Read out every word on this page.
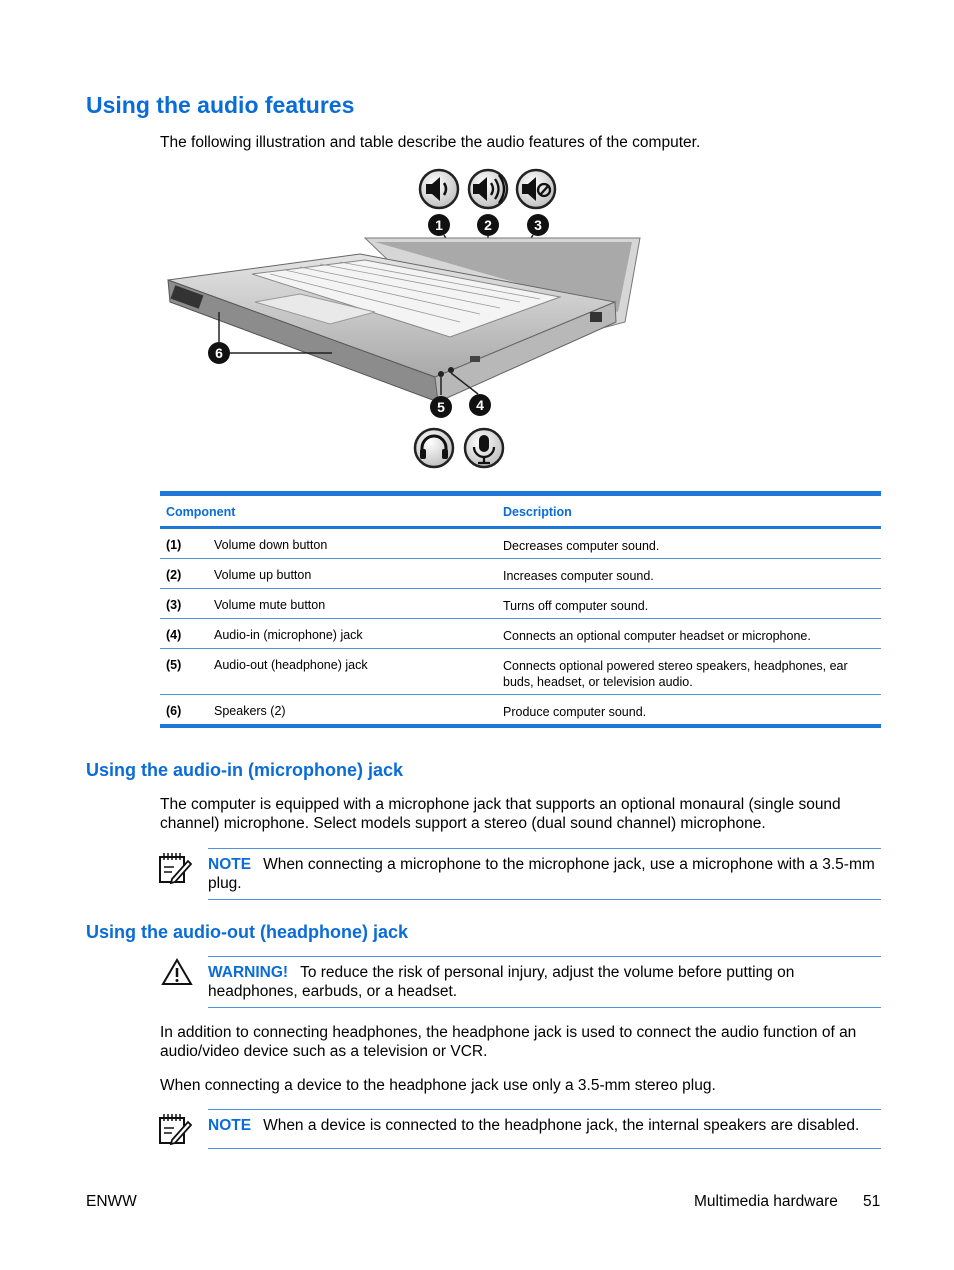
Using the audio features

The following illustration and table describe the audio features of the computer.

1	2	3
6
5 4
Component	Description
(1)	Volume down button	Decreases computer sound.
(2)	Volume up button	Increases computer sound.
(3)	Volume mute button	Turns off computer sound.
(4)	Audio-in (microphone) jack	Connects an optional computer headset or microphone.
(5)	Audio-out (headphone) jack	Connects optional powered stereo speakers, headphones, ear buds, headset, or television audio.
(6)	Speakers (2)	Produce computer sound.
Using the audio-in (microphone) jack

The computer is equipped with a microphone jack that supports an optional monaural (single sound channel) microphone. Select models support a stereo (dual sound channel) microphone.

NOTE When connecting a microphone to the microphone jack, use a microphone with a 3.5-mm plug.
Using the audio-out (headphone) jack
WARNING! To reduce the risk of personal injury, adjust the volume before putting on headphones, earbuds, or a headset.

In addition to connecting headphones, the headphone jack is used to connect the audio function of an audio/video device such as a television or VCR.

When connecting a device to the headphone jack use only a 3.5-mm stereo plug.

NOTE When a device is connected to the headphone jack, the internal speakers are disabled.
ENWW	Multimedia hardware 51
